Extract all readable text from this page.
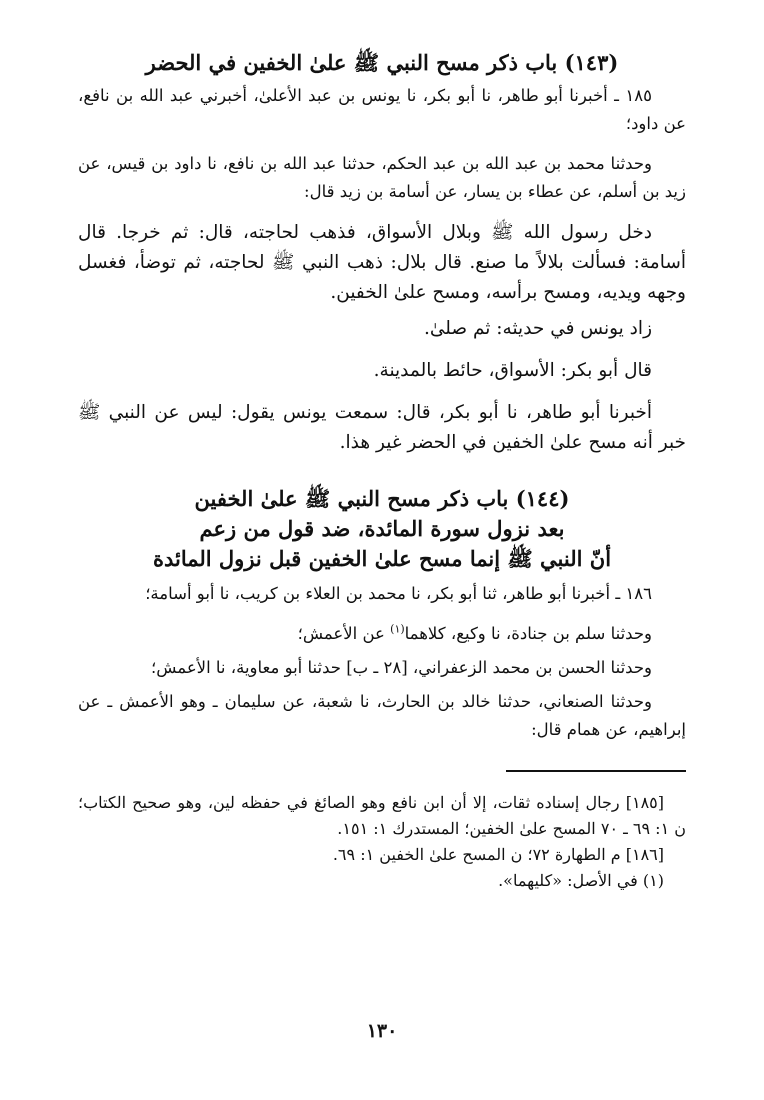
(١٤٣) باب ذكر مسح النبي ﷺ علىٰ الخفين في الحضر

١٨٥ ـ أخبرنا أبو طاهر، نا أبو بكر، نا يونس بن عبد الأعلىٰ، أخبرني عبد الله بن نافع، عن داود؛

وحدثنا محمد بن عبد الله بن عبد الحكم، حدثنا عبد الله بن نافع، نا داود بن قيس، عن زيد بن أسلم، عن عطاء بن يسار، عن أسامة بن زيد قال:

دخل رسول الله ﷺ وبلال الأسواق، فذهب لحاجته، قال: ثم خرجا. قال أسامة: فسألت بلالاً ما صنع. قال بلال: ذهب النبي ﷺ لحاجته، ثم توضأ، فغسل وجهه ويديه، ومسح برأسه، ومسح علىٰ الخفين.

زاد يونس في حديثه: ثم صلىٰ.

قال أبو بكر: الأسواق، حائط بالمدينة.

أخبرنا أبو طاهر، نا أبو بكر، قال: سمعت يونس يقول: ليس عن النبي ﷺ خبر أنه مسح علىٰ الخفين في الحضر غير هذا.

(١٤٤) باب ذكر مسح النبي ﷺ علىٰ الخفين
بعد نزول سورة المائدة، ضد قول من زعم
أنّ النبي ﷺ إنما مسح علىٰ الخفين قبل نزول المائدة

١٨٦ ـ أخبرنا أبو طاهر، ثنا أبو بكر، نا محمد بن العلاء بن كريب، نا أبو أسامة؛

وحدثنا سلم بن جنادة، نا وكيع، كلاهما$^{(١)}$ عن الأعمش؛

وحدثنا الحسن بن محمد الزعفراني، [٢٨ ـ ب] حدثنا أبو معاوية، نا الأعمش؛

وحدثنا الصنعاني، حدثنا خالد بن الحارث، نا شعبة، عن سليمان ـ وهو الأعمش ـ عن إبراهيم، عن همام قال:

[١٨٥] رجال إسناده ثقات، إلا أن ابن نافع وهو الصائغ في حفظه لين، وهو صحيح الكتاب؛ ن ١: ٦٩ ـ ٧٠ المسح علىٰ الخفين؛ المستدرك ١: ١٥١.

[١٨٦] م الطهارة ٧٢؛ ن المسح علىٰ الخفين ١: ٦٩.

(١) في الأصل: «كليهما».

١٣٠
